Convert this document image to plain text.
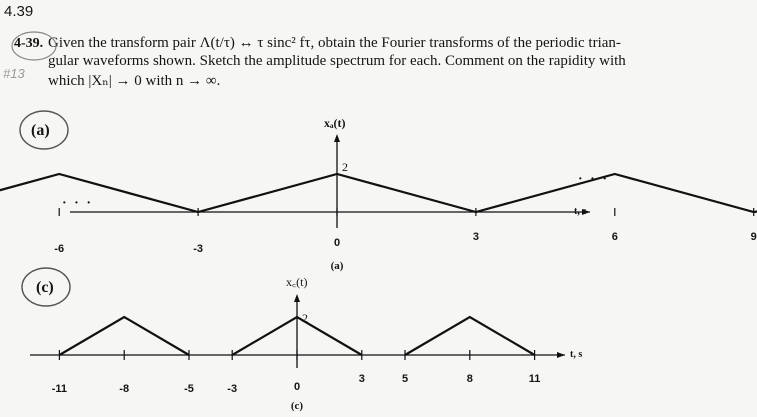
4.39
4-39. Given the transform pair Λ(t/τ) ↔ τ sinc² fτ, obtain the Fourier transforms of the periodic trian-
gular waveforms shown. Sketch the amplitude spectrum for each. Comment on the rapidity with
which |Xₙ| → 0 with n → ∞.
#13
(a)
(c)
xₐ(t)
2
t, s
· · ·
· · ·
(a)
-6	-3	0	3	6	9
x꜀(t)
2
t, s
(c)
-11	-8	-5	-3	0
3	5	8	11
